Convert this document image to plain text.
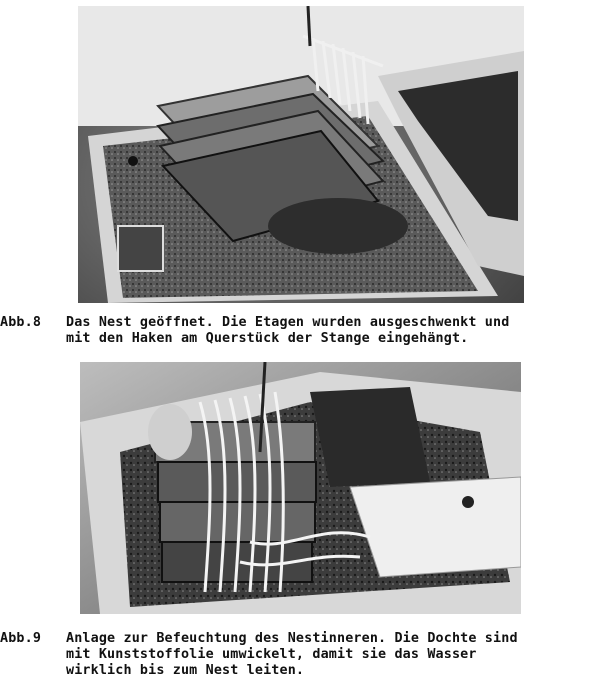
Abb.8 Das Nest geöffnet. Die Etagen wurden ausgeschwenkt und
mit den Haken am Querstück der Stange eingehängt.
Abb.9 Anlage zur Befeuchtung des Nestinneren. Die Dochte sind
mit Kunststoffolie umwickelt, damit sie das Wasser
wirklich bis zum Nest leiten.
